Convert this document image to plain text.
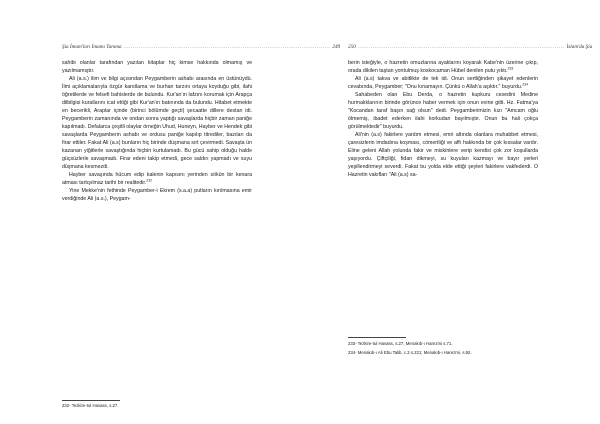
Şia İmam'ları İmamı Tanıma ............................................................................................................. 249

sahibi olanlar tarafından yazılan kitaplar hiç kimse hakkında olmamış ve yazılmamıştır.

Ali (a.s.) ilim ve bilgi açısından Peygamberin ashabı arasında en üstünüydü. İlmi açıklamalarıyla özgür kanıtlama ve burhan tarzını ortaya koyduğu gibi, ilahi öğretilerde ve felsefi bahislerde de bulundu. Kur'an'ın lafzını korumak için Arapça dilbilgisi kurallarını icat ettiği gibi Kur'an'ın batınında da bulundu. Hitabet etmekte en becerikli, Araplar içinde (birinci bölümde geçti) şecaatte dillere destan idi. Peygamberin zamanında ve ondan sonra yaptığı savaşlarda hiçbir zaman paniğe kapılmadı. Defalarca çeşitli olaylar örneğin Uhud, Huneyn, Hayber ve Hendek gibi savaşlarda Peygamberin ashabı ve ordusu paniğe kapılıp titrediler, bazıları da firar ettiler. Fakat Ali (a.s) bunların hiç birinde düşmana sırt çevirmedi. Savaşta ün kazanan yiğitlerle savaştığında hiçbiri kurtulamadı. Bu gücü sahip olduğu halde güçsüzlerle savaşmadı. Firar edeni takip etmedi, gece saldırı yapmadı ve suyu düşmana kesmezdi.

Hayber savaşında hücum edip kalenin kapısını yerinden sökün bir kenara atması tartışılmaz tarihi bir realitedir.$^{232}$

Yine Mekke'nin fethinde Peygamber-i Ekrem (s.a.a) putların kırılmasına emir verdiğinde Ali (a.s.), Peygam-

232- Tezkire-tul Havass, s.27.
250 ............................................................................................................. İslam'da Şia

berin isteğiyle, o hazretin omuzlarına ayaklarını koyarak Kabe'nin üzerine çıkıp, orada dikilen taştan yontulmuş koskocaman Hübel denilen putu yıktı.$^{233}$

Ali (a.s) takva ve abitlikte de tek idi. Onun sertliğinden şikayet edenlerin cevabında, Peygamber; "Onu kınamayın. Çünkü o Allah'a aşıktır." buyurdu.$^{234}$

Sahabeden olan Ebu Derda, o hazretin kupkuru cesedini Medine hurmalıklarının birinde görünce haber vermek için onun evine gitti. Hz. Fatma'ya "Kocandan taraf başın sağ olsun" dedi. Peygamberimizin kızı "Amcam oğlu ölmemiş, ibadet ederken ilahi korkudan bayılmıştır. Onun bu hali çokça görülmektedir" buyurdu.

Ali'nin (a.s) fakirlere yardım etmesi, emri altında olanlara muhabbet etmesi, çaresizlerin imdadına koşması, cömertliği ve affı hakkında bir çok kıssalar vardır. Eline geleni Allah yolunda fakir ve miskinlere verip kendisi çok zor koşullarda yaşıyordu. Çiftçiliği, fidan dikmeyi, su kuyuları kazmayı ve bayır yerleri yeşillendirmeyi severdi. Fakat bu yolda elde ettiği şeyleri fakirlere vakfederdi. O Hazretin vakıfları "Ali (a.s) sa-

233- Tezkire-tul Havass, s.27; Menakıb-ı Harezmi s.71.
234- Menakıb-ı Ali Ebu Talib, c.3 s.221; Menakıb-ı Harezmi, s.92.
